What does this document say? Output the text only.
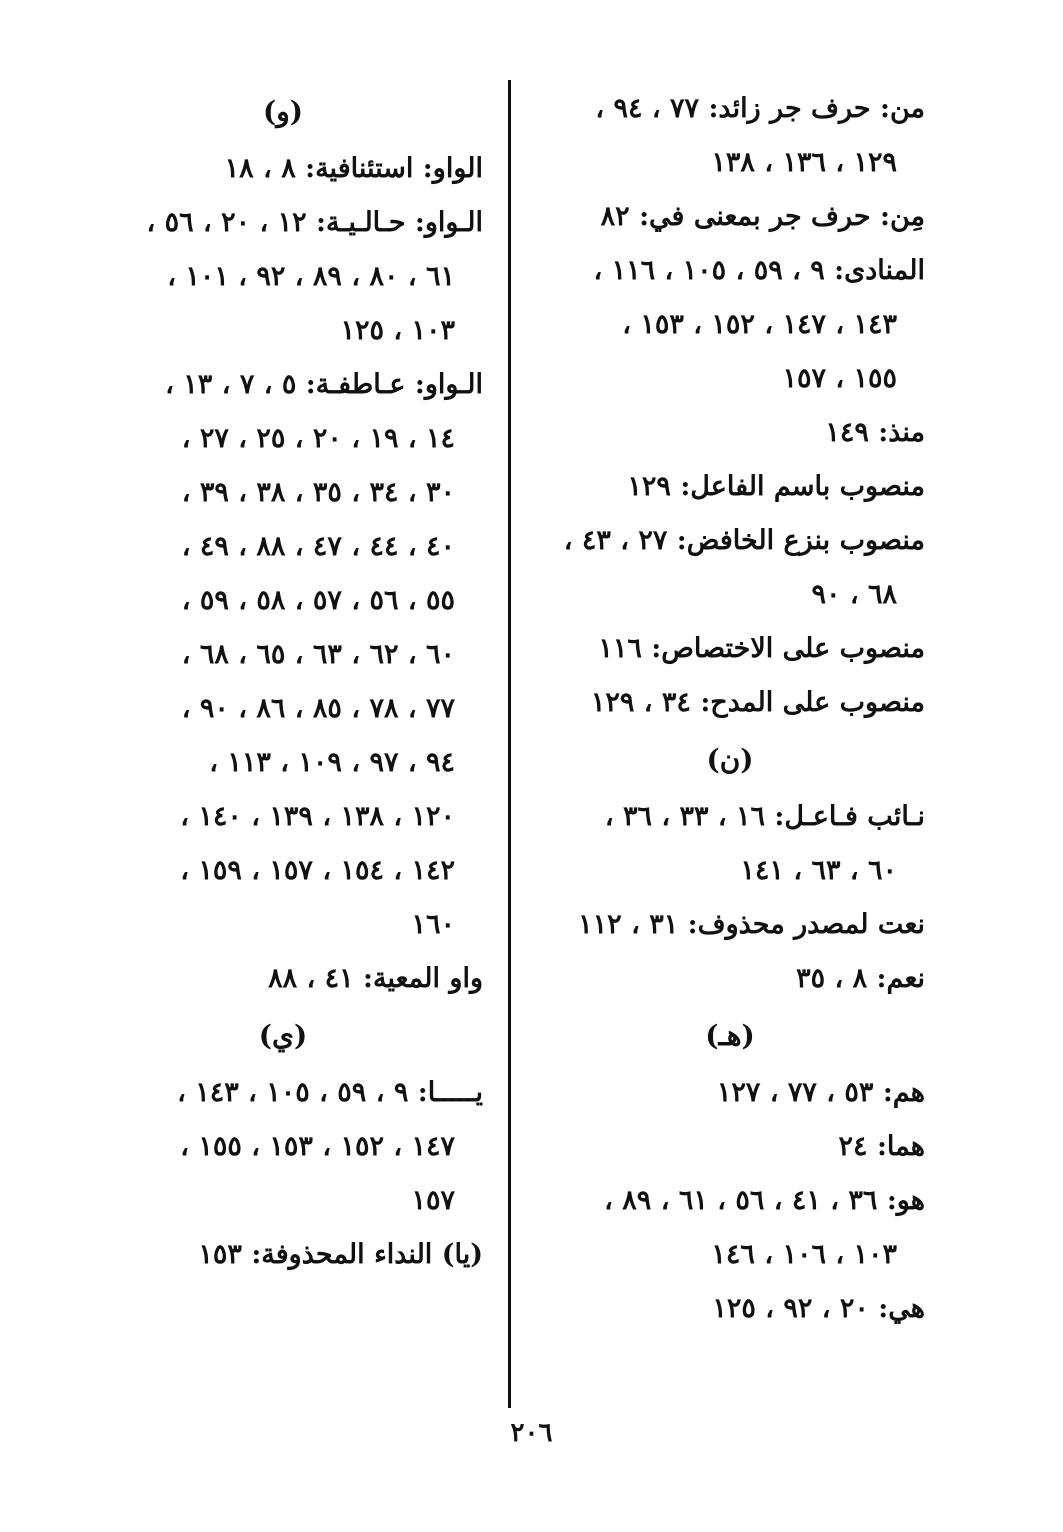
من: حرف جر زائد: ٧٧ ، ٩٤ ،
١٢٩ ، ١٣٦ ، ١٣٨
مِن: حرف جر بمعنى في: ٨٢
المنادى: ٩ ، ٥٩ ، ١٠٥ ، ١١٦ ،
١٤٣ ، ١٤٧ ، ١٥٢ ، ١٥٣ ،
١٥٥ ، ١٥٧
منذ: ١٤٩
منصوب باسم الفاعل: ١٢٩
منصوب بنزع الخافض: ٢٧ ، ٤٣ ،
٦٨ ، ٩٠
منصوب على الاختصاص: ١١٦
منصوب على المدح: ٣٤ ، ١٢٩
(ن)
نـائب فـاعـل: ١٦ ، ٣٣ ، ٣٦ ،
٦٠ ، ٦٣ ، ١٤١
نعت لمصدر محذوف: ٣١ ، ١١٢
نعم: ٨ ، ٣٥
(هـ)
هم: ٥٣ ، ٧٧ ، ١٢٧
هما: ٢٤
هو: ٣٦ ، ٤١ ، ٥٦ ، ٦١ ، ٨٩ ،
١٠٣ ، ١٠٦ ، ١٤٦
هي: ٢٠ ، ٩٢ ، ١٢٥
(و)
الواو: استئنافية: ٨ ، ١٨
الـواو: حـالـيـة: ١٢ ، ٢٠ ، ٥٦ ،
٦١ ، ٨٠ ، ٨٩ ، ٩٢ ، ١٠١ ،
١٠٣ ، ١٢٥
الـواو: عـاطفـة: ٥ ، ٧ ، ١٣ ،
١٤ ، ١٩ ، ٢٠ ، ٢٥ ، ٢٧ ،
٣٠ ، ٣٤ ، ٣٥ ، ٣٨ ، ٣٩ ،
٤٠ ، ٤٤ ، ٤٧ ، ٨٨ ، ٤٩ ،
٥٥ ، ٥٦ ، ٥٧ ، ٥٨ ، ٥٩ ،
٦٠ ، ٦٢ ، ٦٣ ، ٦٥ ، ٦٨ ،
٧٧ ، ٧٨ ، ٨٥ ، ٨٦ ، ٩٠ ،
٩٤ ، ٩٧ ، ١٠٩ ، ١١٣ ،
١٢٠ ، ١٣٨ ، ١٣٩ ، ١٤٠ ،
١٤٢ ، ١٥٤ ، ١٥٧ ، ١٥٩ ،
١٦٠
واو المعية: ٤١ ، ٨٨
(ي)
يـــــا: ٩ ، ٥٩ ، ١٠٥ ، ١٤٣ ،
١٤٧ ، ١٥٢ ، ١٥٣ ، ١٥٥ ،
١٥٧
(يا) النداء المحذوفة: ١٥٣
٢٠٦
